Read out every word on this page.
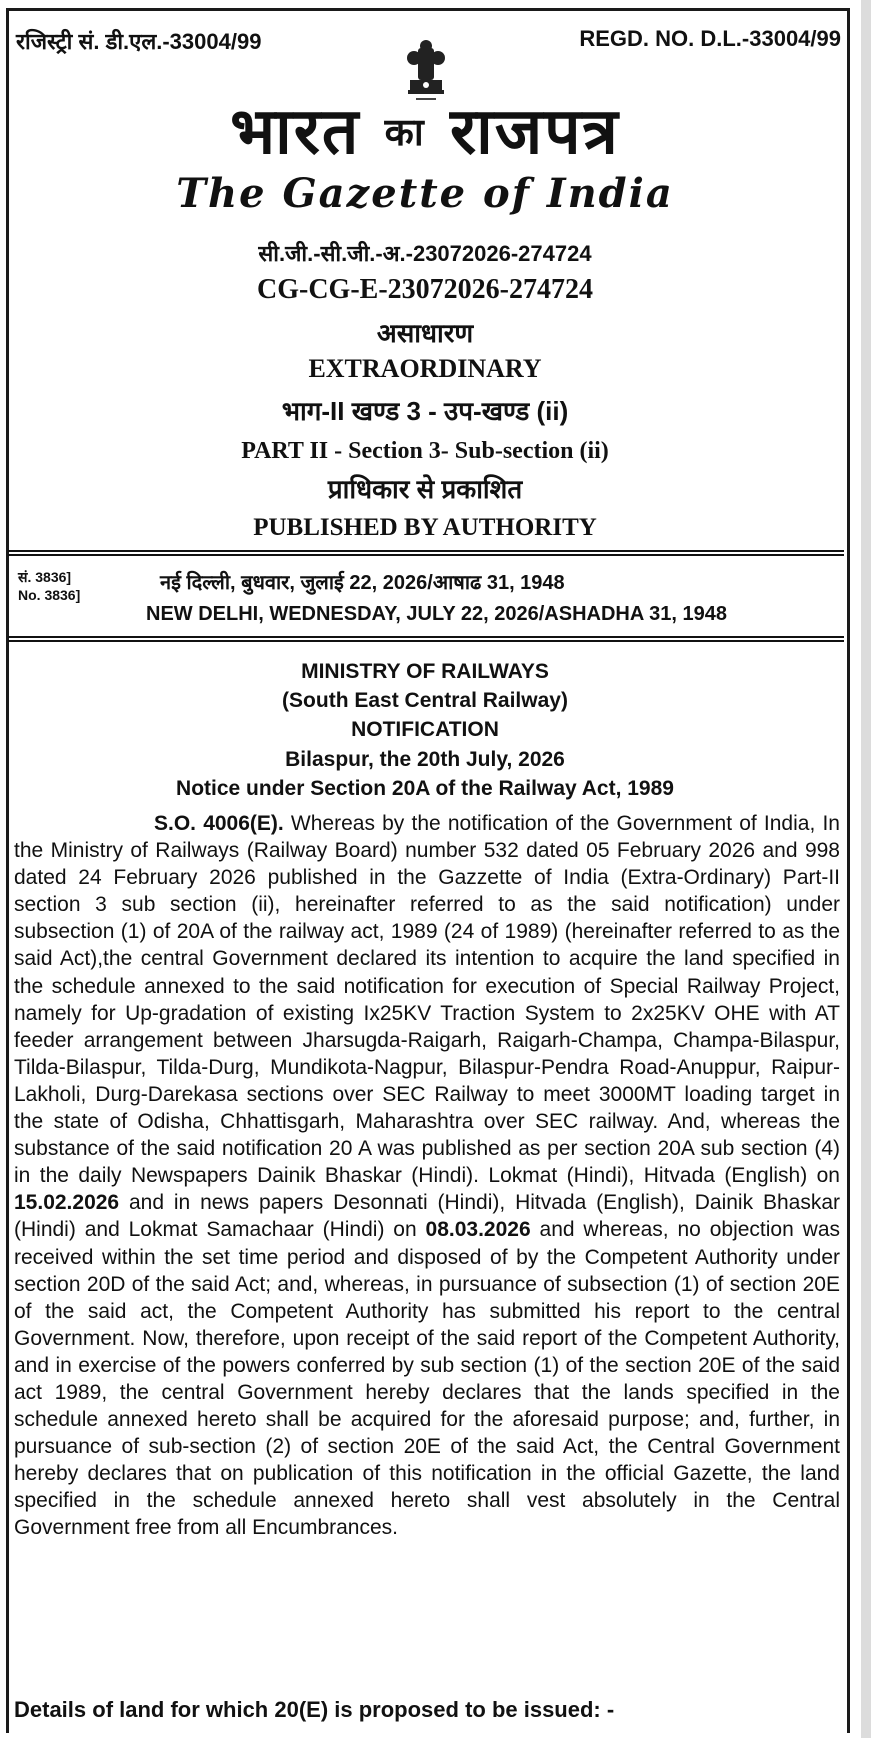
रजिस्ट्री सं. डी.एल.-33004/99	REGD. NO. D.L.-33004/99
भारत का राजपत्र
The Gazette of India
सी.जी.-सी.जी.-अ.-23072026-274724
CG-CG-E-23072026-274724
असाधारण
EXTRAORDINARY
भाग-II खण्ड 3 - उप-खण्ड (ii)
PART II - Section 3- Sub-section (ii)
प्राधिकार से प्रकाशित
PUBLISHED BY AUTHORITY
सं. 3836]
No. 3836]
नई दिल्ली, बुधवार, जुलाई 22, 2026/आषाढ 31, 1948
NEW DELHI, WEDNESDAY, JULY 22, 2026/ASHADHA 31, 1948
MINISTRY OF RAILWAYS
(South East Central Railway)
NOTIFICATION
Bilaspur, the 20th July, 2026
Notice under Section 20A of the Railway Act, 1989

S.O. 4006(E). Whereas by the notification of the Government of India, In the Ministry of Railways (Railway Board) number 532 dated 05 February 2026 and 998 dated 24 February 2026 published in the Gazzette of India (Extra-Ordinary) Part-II section 3 sub section (ii), hereinafter referred to as the said notification) under subsection (1) of 20A of the railway act, 1989 (24 of 1989) (hereinafter referred to as the said Act),the central Government declared its intention to acquire the land specified in the schedule annexed to the said notification for execution of Special Railway Project, namely for Up-gradation of existing Ix25KV Traction System to 2x25KV OHE with AT feeder arrangement between Jharsugda-Raigarh, Raigarh-Champa, Champa-Bilaspur, Tilda-Bilaspur, Tilda-Durg, Mundikota-Nagpur, Bilaspur-Pendra Road-Anuppur, Raipur-Lakholi, Durg-Darekasa sections over SEC Railway to meet 3000MT loading target in the state of Odisha, Chhattisgarh, Maharashtra over SEC railway. And, whereas the substance of the said notification 20 A was published as per section 20A sub section (4) in the daily Newspapers Dainik Bhaskar (Hindi). Lokmat (Hindi), Hitvada (English) on 15.02.2026 and in news papers Desonnati (Hindi), Hitvada (English), Dainik Bhaskar (Hindi) and Lokmat Samachaar (Hindi) on 08.03.2026 and whereas, no objection was received within the set time period and disposed of by the Competent Authority under section 20D of the said Act; and, whereas, in pursuance of subsection (1) of section 20E of the said act, the Competent Authority has submitted his report to the central Government. Now, therefore, upon receipt of the said report of the Competent Authority, and in exercise of the powers conferred by sub section (1) of the section 20E of the said act 1989, the central Government hereby declares that the lands specified in the schedule annexed hereto shall be acquired for the aforesaid purpose; and, further, in pursuance of sub-section (2) of section 20E of the said Act, the Central Government hereby declares that on publication of this notification in the official Gazette, the land specified in the schedule annexed hereto shall vest absolutely in the Central Government free from all Encumbrances.

Details of land for which 20(E) is proposed to be issued: -
